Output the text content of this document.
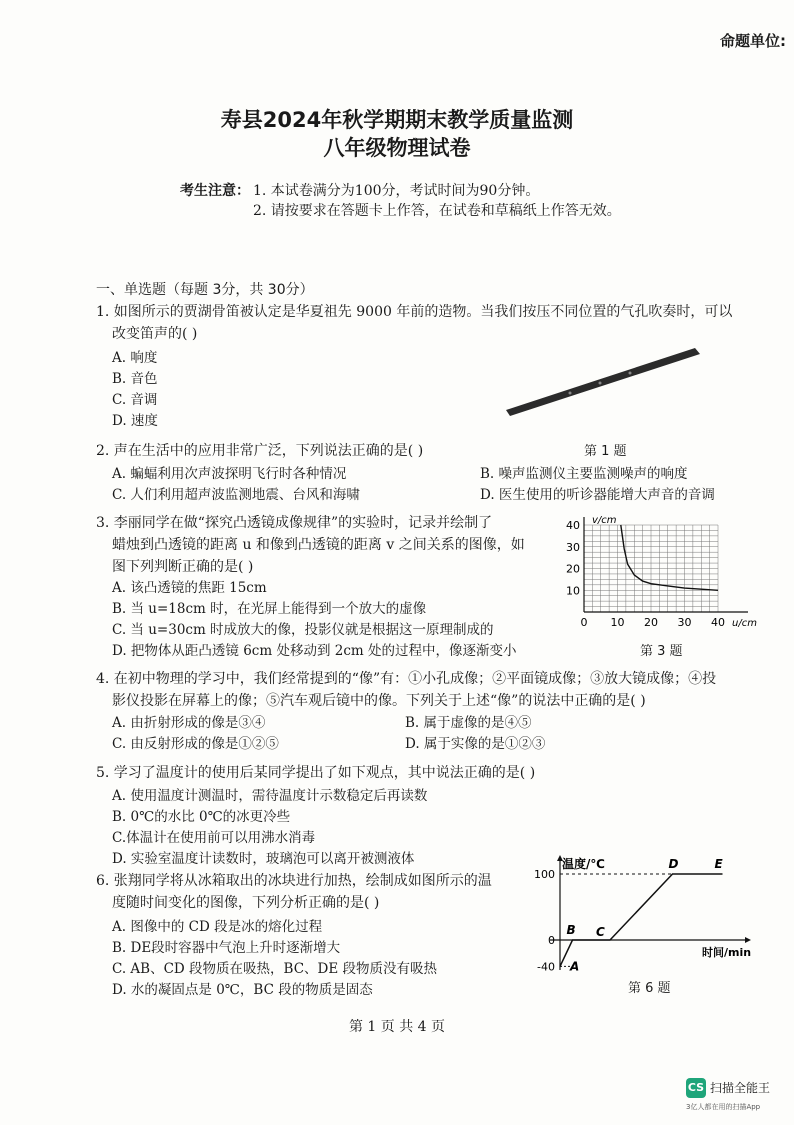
命题单位:
寿县2024年秋学期期末教学质量监测
八年级物理试卷
考生注意： 1. 本试卷满分为100分，考试时间为90分钟。
2. 请按要求在答题卡上作答，在试卷和草稿纸上作答无效。
一、单选题（每题 3分，共 30分）
1. 如图所示的贾湖骨笛被认定是华夏祖先 9000 年前的造物。当我们按压不同位置的气孔吹奏时，可以
改变笛声的( )
A. 响度
B. 音色
C. 音调
D. 速度
第 1 题
2. 声在生活中的应用非常广泛，下列说法正确的是( )
A. 蝙蝠利用次声波探明飞行时各种情况	B. 噪声监测仪主要监测噪声的响度
C. 人们利用超声波监测地震、台风和海啸	D. 医生使用的听诊器能增大声音的音调
3. 李丽同学在做“探究凸透镜成像规律”的实验时，记录并绘制了
蜡烛到凸透镜的距离 u 和像到凸透镜的距离 v 之间关系的图像，如
图下列判断正确的是( )
A. 该凸透镜的焦距 15cm
B. 当 u=18cm 时，在光屏上能得到一个放大的虚像
C. 当 u=30cm 时成放大的像，投影仪就是根据这一原理制成的
D. 把物体从距凸透镜 6cm 处移动到 2cm 处的过程中，像逐渐变小
0 10 20 30 40
10
20
30
40 v/cm
u/cm
第 3 题
4. 在初中物理的学习中，我们经常提到的“像”有：①小孔成像；②平面镜成像；③放大镜成像；④投
影仪投影在屏幕上的像；⑤汽车观后镜中的像。下列关于上述“像”的说法中正确的是( )
A. 由折射形成的像是③④	B. 属于虚像的是④⑤
C. 由反射形成的像是①②⑤	D. 属于实像的是①②③
5. 学习了温度计的使用后某同学提出了如下观点，其中说法正确的是( )
A. 使用温度计测温时，需待温度计示数稳定后再读数
B. 0℃的水比 0℃的冰更冷些
C.体温计在使用前可以用沸水消毒
D. 实验室温度计读数时，玻璃泡可以离开被测液体
6. 张翔同学将从冰箱取出的冰块进行加热，绘制成如图所示的温
度随时间变化的图像，下列分析正确的是( )
A. 图像中的 CD 段是冰的熔化过程
B. DE段时容器中气泡上升时逐渐增大
C. AB、CD 段物质在吸热，BC、DE 段物质没有吸热
D. 水的凝固点是 0℃，BC 段的物质是固态
A
B C
D	E
100
0
-40
温度/℃
时间/min
第 6 题
第 1 页 共 4 页
CS 扫描全能王
3亿人都在用的扫描App
